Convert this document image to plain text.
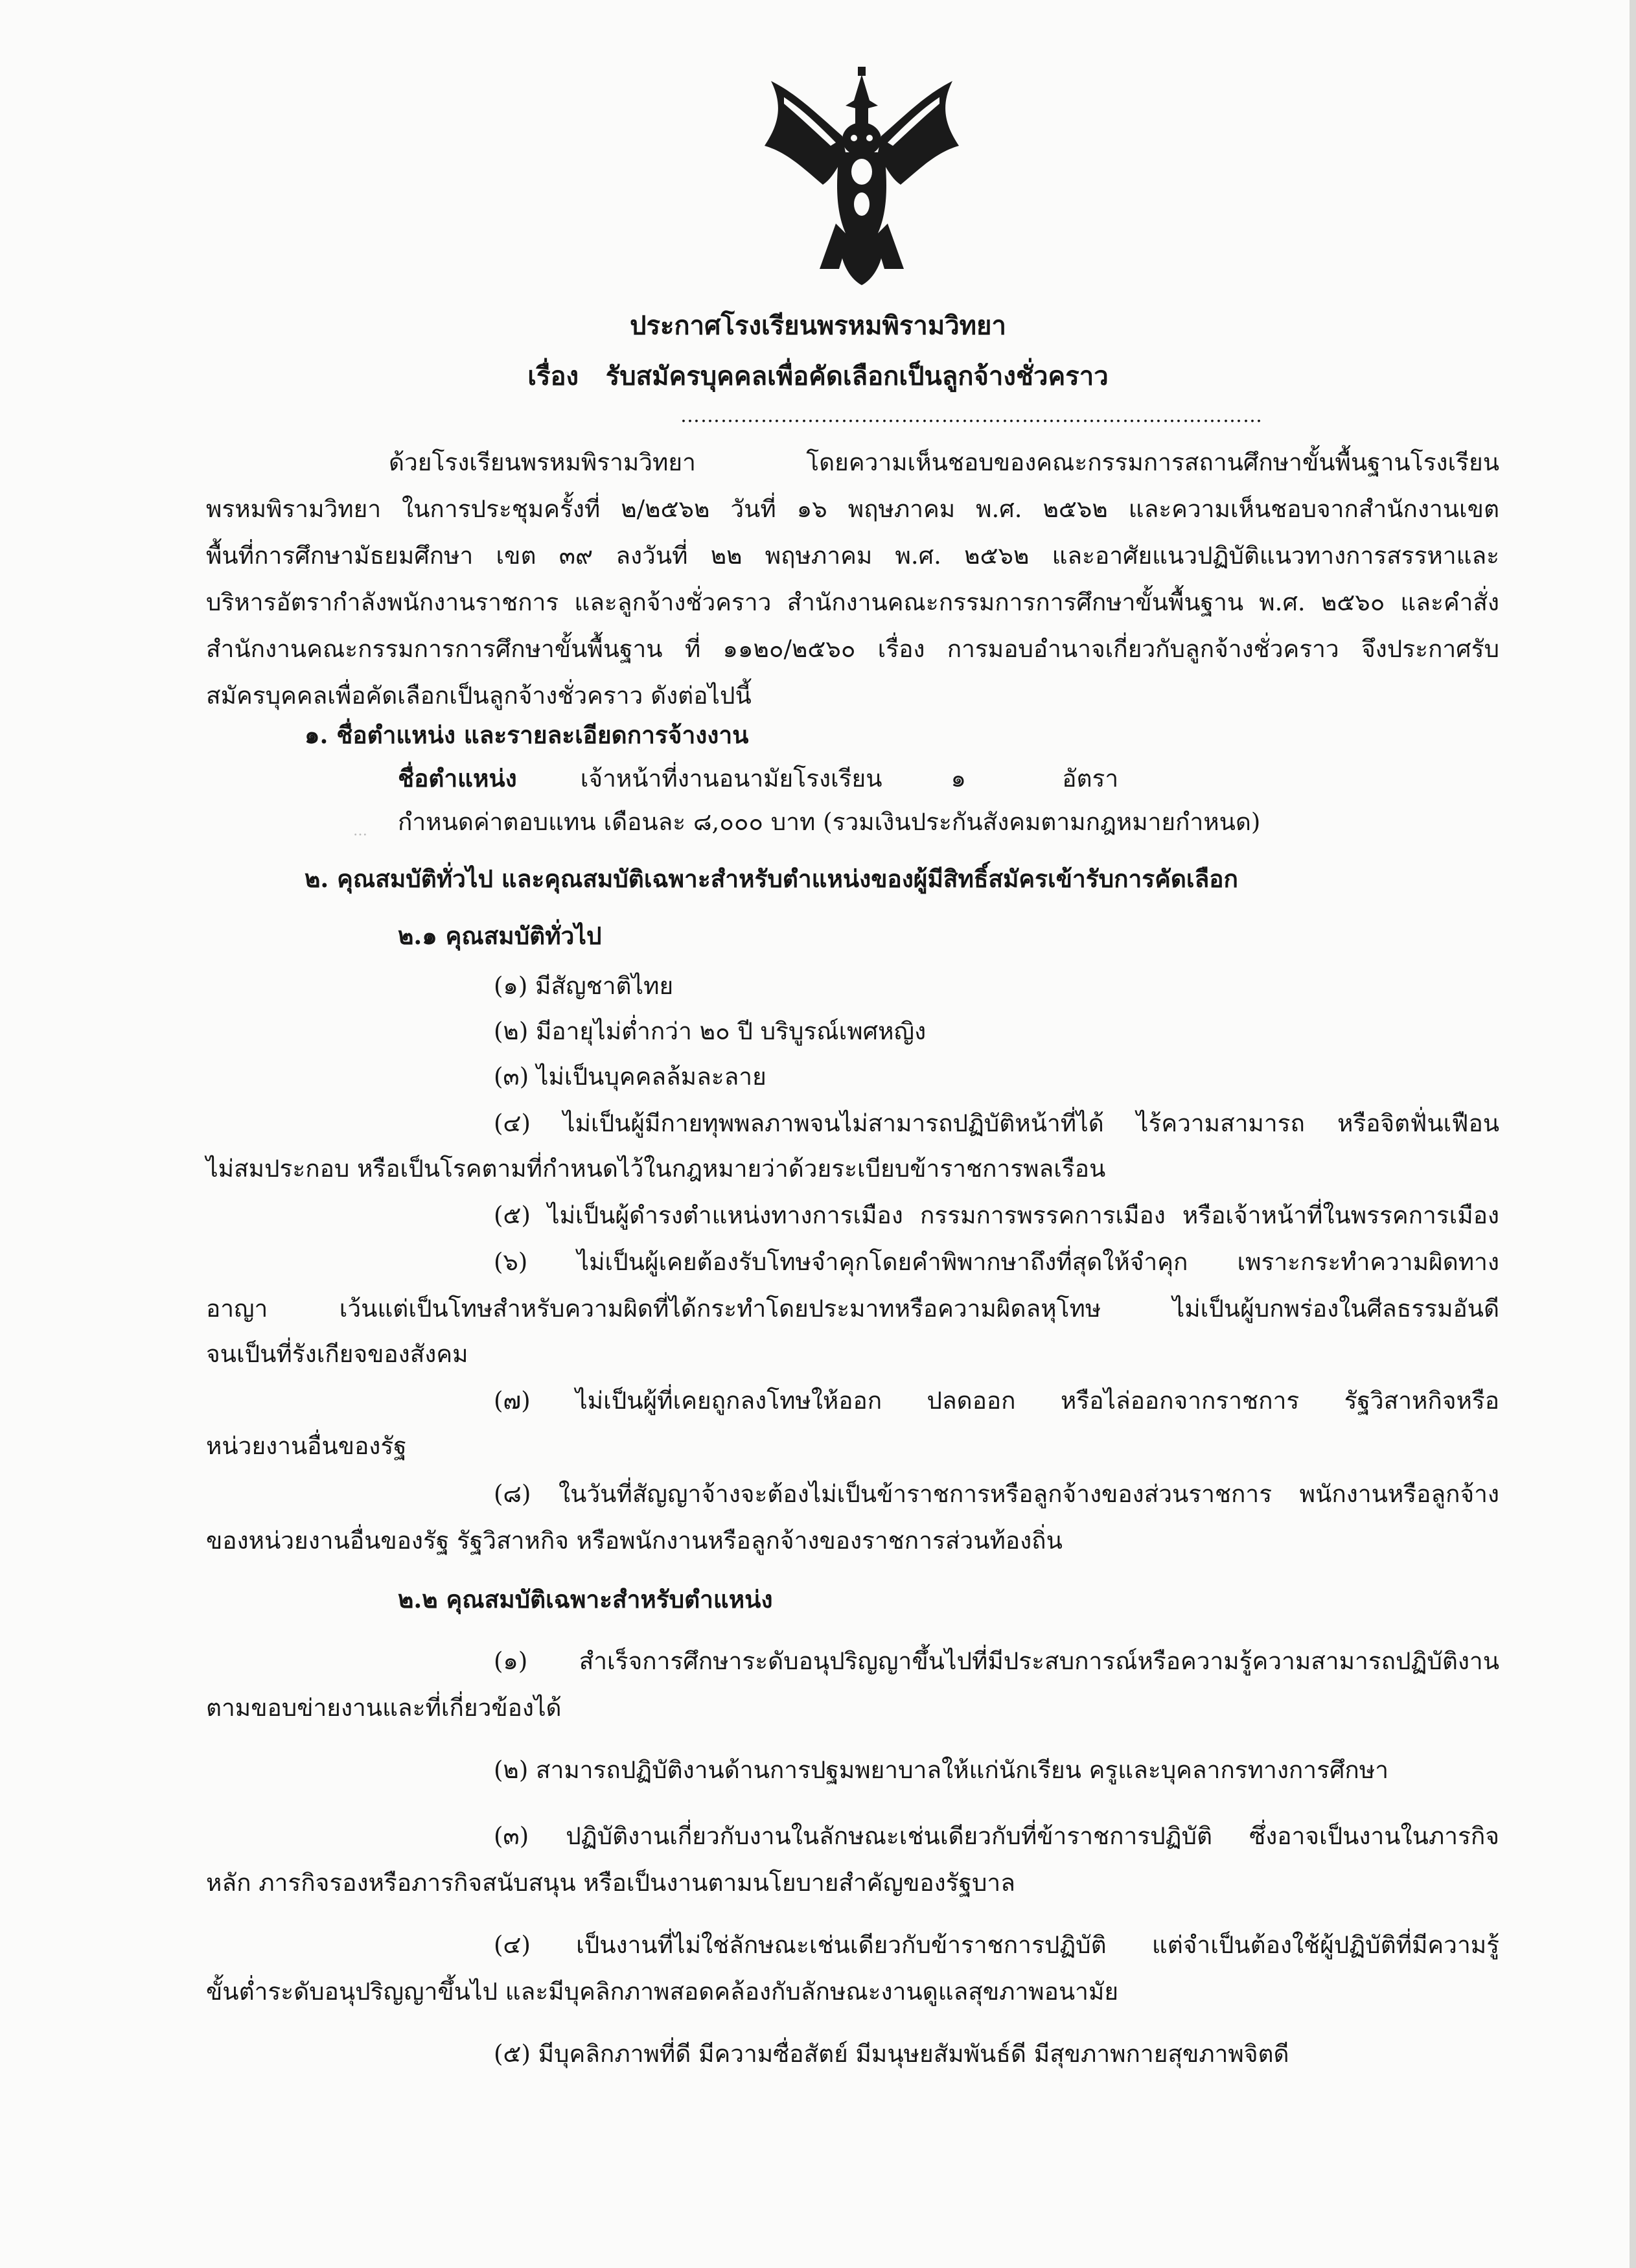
ประกาศโรงเรียนพรหมพิรามวิทยา
เรื่อง รับสมัครบุคคลเพื่อคัดเลือกเป็นลูกจ้างชั่วคราว
……………………………………………………………………………
ด้วยโรงเรียนพรหมพิรามวิทยา โดยความเห็นชอบของคณะกรรมการสถานศึกษาขั้นพื้นฐานโรงเรียน
พรหมพิรามวิทยา ในการประชุมครั้งที่ ๒/๒๕๖๒ วันที่ ๑๖ พฤษภาคม พ.ศ. ๒๕๖๒ และความเห็นชอบจากสำนักงานเขต
พื้นที่การศึกษามัธยมศึกษา เขต ๓๙ ลงวันที่ ๒๒ พฤษภาคม พ.ศ. ๒๕๖๒ และอาศัยแนวปฏิบัติแนวทางการสรรหาและ
บริหารอัตรากำลังพนักงานราชการ และลูกจ้างชั่วคราว สำนักงานคณะกรรมการการศึกษาขั้นพื้นฐาน พ.ศ. ๒๕๖๐ และคำสั่ง
สำนักงานคณะกรรมการการศึกษาขั้นพื้นฐาน ที่ ๑๑๒๐/๒๕๖๐ เรื่อง การมอบอำนาจเกี่ยวกับลูกจ้างชั่วคราว จึงประกาศรับ
สมัครบุคคลเพื่อคัดเลือกเป็นลูกจ้างชั่วคราว ดังต่อไปนี้
๑. ชื่อตำแหน่ง และรายละเอียดการจ้างงาน
ชื่อตำแหน่ง	เจ้าหน้าที่งานอนามัยโรงเรียน	๑	อัตรา
… กำหนดค่าตอบแทน เดือนละ ๘,๐๐๐ บาท (รวมเงินประกันสังคมตามกฎหมายกำหนด)
๒. คุณสมบัติทั่วไป และคุณสมบัติเฉพาะสำหรับตำแหน่งของผู้มีสิทธิ์สมัครเข้ารับการคัดเลือก
๒.๑ คุณสมบัติทั่วไป
(๑) มีสัญชาติไทย
(๒) มีอายุไม่ต่ำกว่า ๒๐ ปี บริบูรณ์เพศหญิง
(๓) ไม่เป็นบุคคลล้มละลาย
(๔) ไม่เป็นผู้มีกายทุพพลภาพจนไม่สามารถปฏิบัติหน้าที่ได้ ไร้ความสามารถ หรือจิตฟั่นเฟือน
ไม่สมประกอบ หรือเป็นโรคตามที่กำหนดไว้ในกฎหมายว่าด้วยระเบียบข้าราชการพลเรือน
(๕) ไม่เป็นผู้ดำรงตำแหน่งทางการเมือง กรรมการพรรคการเมือง หรือเจ้าหน้าที่ในพรรคการเมือง
(๖) ไม่เป็นผู้เคยต้องรับโทษจำคุกโดยคำพิพากษาถึงที่สุดให้จำคุก เพราะกระทำความผิดทาง
อาญา เว้นแต่เป็นโทษสำหรับความผิดที่ได้กระทำโดยประมาทหรือความผิดลหุโทษ ไม่เป็นผู้บกพร่องในศีลธรรมอันดี
จนเป็นที่รังเกียจของสังคม
(๗) ไม่เป็นผู้ที่เคยถูกลงโทษให้ออก ปลดออก หรือไล่ออกจากราชการ รัฐวิสาหกิจหรือ
หน่วยงานอื่นของรัฐ
(๘) ในวันที่สัญญาจ้างจะต้องไม่เป็นข้าราชการหรือลูกจ้างของส่วนราชการ พนักงานหรือลูกจ้าง
ของหน่วยงานอื่นของรัฐ รัฐวิสาหกิจ หรือพนักงานหรือลูกจ้างของราชการส่วนท้องถิ่น
๒.๒ คุณสมบัติเฉพาะสำหรับตำแหน่ง
(๑) สำเร็จการศึกษาระดับอนุปริญญาขึ้นไปที่มีประสบการณ์หรือความรู้ความสามารถปฏิบัติงาน
ตามขอบข่ายงานและที่เกี่ยวข้องได้
(๒) สามารถปฏิบัติงานด้านการปฐมพยาบาลให้แก่นักเรียน ครูและบุคลากรทางการศึกษา
(๓) ปฏิบัติงานเกี่ยวกับงานในลักษณะเช่นเดียวกับที่ข้าราชการปฏิบัติ ซึ่งอาจเป็นงานในภารกิจ
หลัก ภารกิจรองหรือภารกิจสนับสนุน หรือเป็นงานตามนโยบายสำคัญของรัฐบาล
(๔) เป็นงานที่ไม่ใช่ลักษณะเช่นเดียวกับข้าราชการปฏิบัติ แต่จำเป็นต้องใช้ผู้ปฏิบัติที่มีความรู้
ขั้นต่ำระดับอนุปริญญาขึ้นไป และมีบุคลิกภาพสอดคล้องกับลักษณะงานดูแลสุขภาพอนามัย
(๕) มีบุคลิกภาพที่ดี มีความซื่อสัตย์ มีมนุษยสัมพันธ์ดี มีสุขภาพกายสุขภาพจิตดี
